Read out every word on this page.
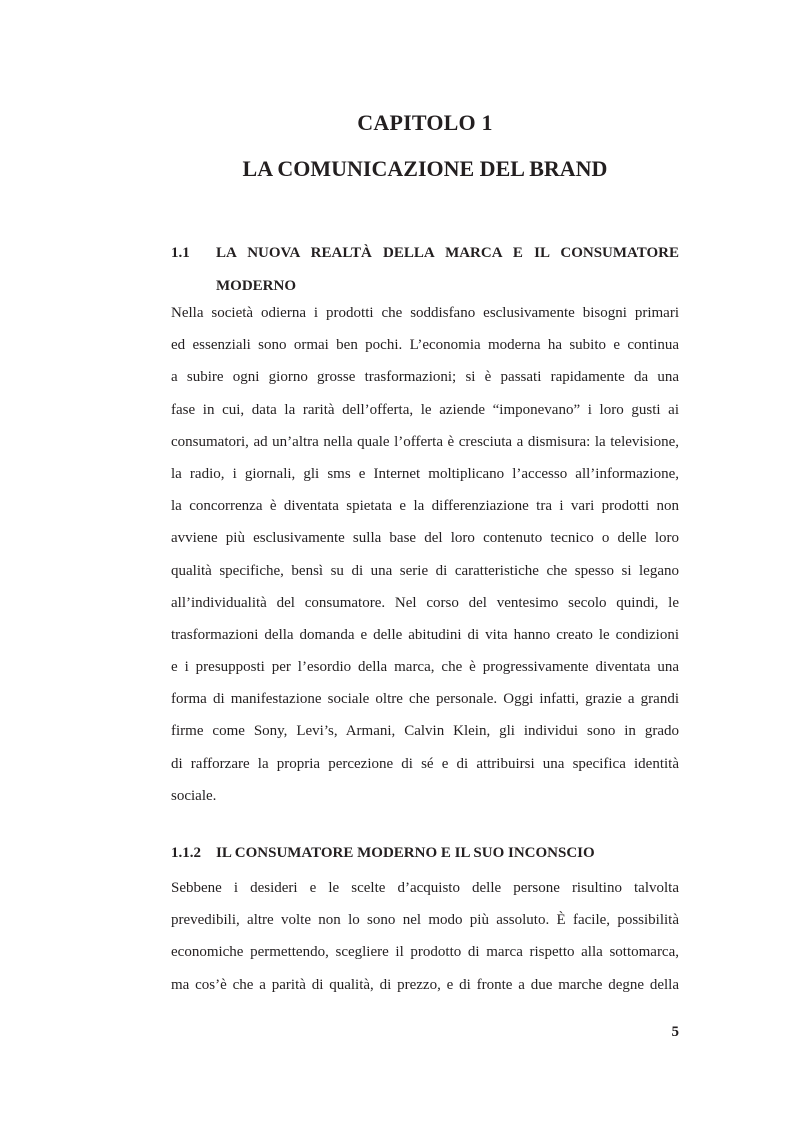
CAPITOLO 1
LA COMUNICAZIONE DEL BRAND
1.1 LA NUOVA REALTÀ DELLA MARCA E IL CONSUMATORE MODERNO

Nella società odierna i prodotti che soddisfano esclusivamente bisogni primari
ed essenziali sono ormai ben pochi. L’economia moderna ha subito e continua
a subire ogni giorno grosse trasformazioni; si è passati rapidamente da una
fase in cui, data la rarità dell’offerta, le aziende “imponevano” i loro gusti ai
consumatori, ad un’altra nella quale l’offerta è cresciuta a dismisura: la televisione,
la radio, i giornali, gli sms e Internet moltiplicano l’accesso all’informazione,
la concorrenza è diventata spietata e la differenziazione tra i vari prodotti non
avviene più esclusivamente sulla base del loro contenuto tecnico o delle loro
qualità specifiche, bensì su di una serie di caratteristiche che spesso si legano
all’individualità del consumatore. Nel corso del ventesimo secolo quindi, le
trasformazioni della domanda e delle abitudini di vita hanno creato le condizioni
e i presupposti per l’esordio della marca, che è progressivamente diventata una
forma di manifestazione sociale oltre che personale. Oggi infatti, grazie a grandi
firme come Sony, Levi’s, Armani, Calvin Klein, gli individui sono in grado
di rafforzare la propria percezione di sé e di attribuirsi una specifica identità
sociale.

1.1.2 IL CONSUMATORE MODERNO E IL SUO INCONSCIO

Sebbene i desideri e le scelte d’acquisto delle persone risultino talvolta
prevedibili, altre volte non lo sono nel modo più assoluto. È facile, possibilità
economiche permettendo, scegliere il prodotto di marca rispetto alla sottomarca,
ma cos’è che a parità di qualità, di prezzo, e di fronte a due marche degne della

5
